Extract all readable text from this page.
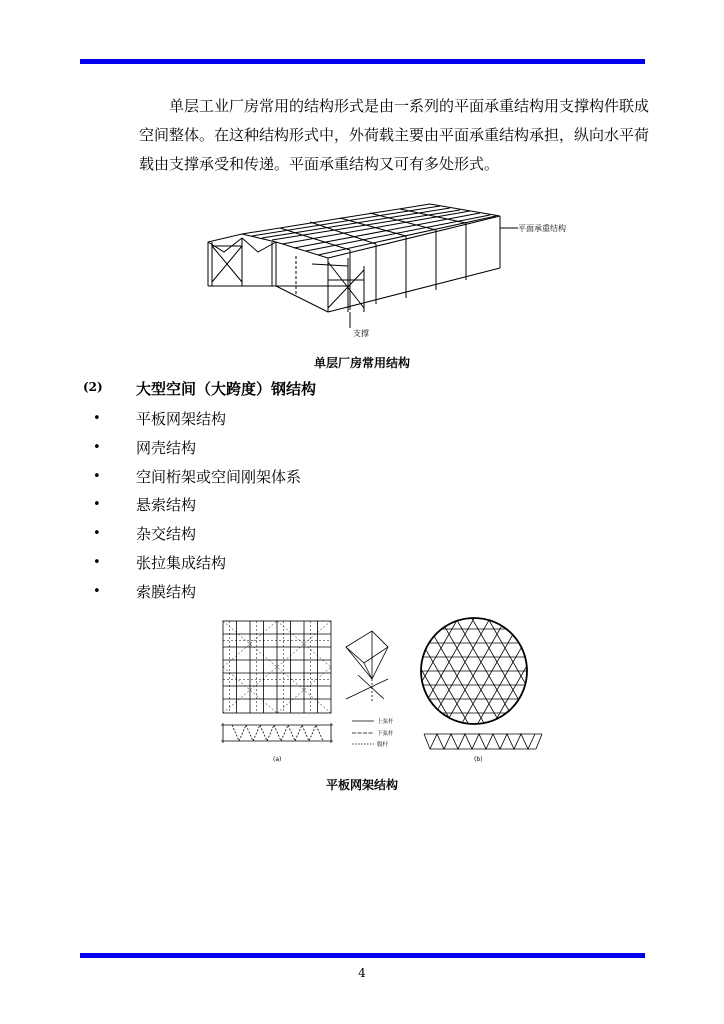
单层工业厂房常用的结构形式是由一系列的平面承重结构用支撑构件联成空间整体。在这种结构形式中，外荷载主要由平面承重结构承担，纵向水平荷载由支撑承受和传递。平面承重结构又可有多处形式。

平面承重结构
支撑
单层厂房常用结构
(2) 大型空间（大跨度）钢结构
•	平板网架结构
•	网壳结构
•	空间桁架或空间刚架体系
•	悬索结构
•	杂交结构
•	张拉集成结构
•	索膜结构
(a)
上弦杆
下弦杆
腹杆
(b)
平板网架结构
4
